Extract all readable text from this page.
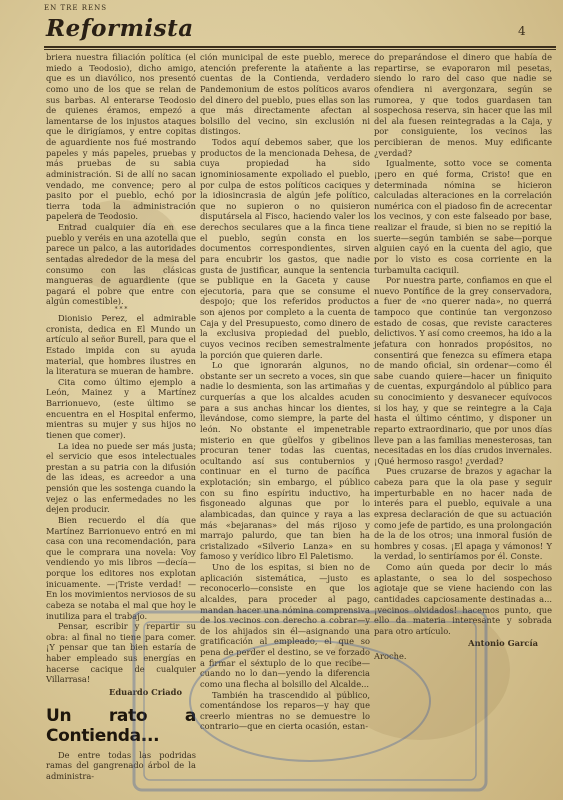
EN TRE RENS
Reformista	4

briera nuestra filiación política (el miedo a Teodosio), dicho amigo, que es un diavólico, nos presentó como uno de los que se relan de sus barbas. Al enterarse Teodosio de quienes éramos, empezó a lamentarse de los injustos ataques que le dirigíamos, y entre copitas de aguardiente nos fué mostrando papeles y más papeles, pruebas y más pruebas de su sabia administración. Si de allí no sacan vendado, me convence; pero al pasito por el pueblo, echó por tierra toda la administración papelera de Teodosio.

Entrad cualquier día en ese pueblo y veréis en una azotella que parece un palco, a las autoridades sentadas alrededor de la mesa del consumo con las clásicas mangueras de aguardiente (que pagará el pobre que entre con algún comestible).

* * *

Dionisio Perez, el admirable cronista, dedica en El Mundo un artículo al señor Burell, para que el Estado impida con su ayuda material, que hombres ilustres en la literatura se mueran de hambre.

Cita como último ejemplo a León, Mainez y a Martínez Barrionuevo, (este último se encuentra en el Hospital enfermo, mientras su mujer y sus hijos no tienen que comer).

La idea no puede ser más justa; el servicio que esos intelectuales prestan a su patria con la difusión de las ideas, es acreedor a una pensión que les sostenga cuando la vejez o las enfermedades no les dejen producir.

Bien recuerdo el día que Martínez Barrionuevo entró en mi casa con una recomendación, para que le comprara una novela: Voy vendiendo yo mis libros —decía—porque los editores nos explotan inicuamente. —¡Triste verdad! —En los movimientos nerviosos de su cabeza se notaba el mal que hoy le inutiliza para el trabajo.

Pensar, escribir y repartir su obra: al final no tiene para comer. ¡Y pensar que tan bien estaría de haber empleado sus energías en hacerse cacique de cualquier Villarrasa!

Eduardo Criado
Un rato a Contienda...

De entre todas las podridas ramas del gangrenado árbol de la administra-

ción municipal de este pueblo, merece atención preferente la atañente a las cuentas de la Contienda, verdadero Pandemonium de estos políticos avaros del dinero del pueblo, pues ellas son las que más directamente afectan al bolsillo del vecino, sin exclusión ni distingos.

Todos aquí debemos saber, que los productos de la mencionada Dehesa, de cuya propiedad ha sido ignominiosamente expoliado el pueblo, por culpa de estos políticos caciques y la idiosincrasia de algún jefe político, que no supieron o no quisieron disputársela al Fisco, haciendo valer los derechos seculares que a la finca tiene el pueblo, según consta en los documentos correspondientes, sirven para encubrir los gastos, que nadie gusta de justificar, aunque la sentencia se publique en la Gaceta y cause ejecutoria, para que se consume el despojo; que los referidos productos son ajenos por completo a la cuenta de Caja y del Presupuesto, como dinero de la exclusiva propiedad del pueblo, cuyos vecinos reciben semestralmente la porción que quieren darle.

Lo que ignorarán algunos, no obstante ser un secreto a voces, sin que nadie lo desmienta, son las artimañas y curquerías a que los alcaldes acuden para a sus anchas hincar los dientes, llevándose, como siempre, la parte del león. No obstante el impenetrable misterio en que güelfos y gibelinos procuran tener todas las cuentas, ocultando así sus contubernios y continuar en el turno de pacífica explotación; sin embargo, el público con su fino espíritu inductivo, ha fisgoneado algunas que por lo alambicadas, dan quince y raya a las más «bejaranas» del más rijoso y marrajo palurdo, que tan bien ha cristalizado «Silverio Lanza» en su famoso y verídico libro El Paletismo.

Uno de los espitas, si bien no de aplicación sistemática, —justo es reconocerlo—consiste en que los alcaldes, para proceder al pago, mandan hacer una nómina comprensiva de los vecinos con derecho a cobrar—y de los ahijados sin él—asignando una gratificación al empleado, el que so pena de perder el destino, se ve forzado a firmar el séxtuplo de lo que recibe—cuando no lo dan—yendo la diferencia como una flecha al bolsillo del Alcalde...

También ha trascendido al público, comentándose los reparos—y hay que creerlo mientras no se demuestre lo contrario—que en cierta ocasión, estan-

do preparándose el dinero que había de repartirse, se evaporaron mil pesetas, siendo lo raro del caso que nadie se ofendiera ni avergonzara, según se rumorea, y que todos guardasen tan sospechosa reserva, sin hacer que las mil del ala fuesen reintegradas a la Caja, y por consiguiente, los vecinos las percibieran de menos. Muy edificante ¿verdad?

Igualmente, sotto voce se comenta ¡pero en qué forma, Cristo! que en determinada nómina se hicieron calculadas alteraciones en la correlación numérica con el piadoso fin de acrecentar los vecinos, y con este falseado por base, realizar el fraude, si bien no se repitió la suerte—según también se sabe—porque alguien cayó en la cuenta del agio, que por lo visto es cosa corriente en la turbamulta caciquil.

Por nuestra parte, confiamos en que el nuevo Pontífice de la grey conservadora, a fuer de «no querer nada», no querrá tampoco que continúe tan vergonzoso estado de cosas, que reviste caracteres delictivos. Y así como creemos, ha ido a la jefatura con honrados propósitos, no consentirá que fenezca su efímera etapa de mando oficial, sin ordenar—como él sabe cuando quiere—hacer un finiquito de cuentas, expurgándolo al público para su conocimiento y desvanecer equívocos si los hay, y que se reintegre a la Caja hasta el último céntimo, y disponer un reparto extraordinario, que por unos días lleve pan a las familias menesterosas, tan necesitadas en los días crudos invernales. ¡Qué hermoso rasgo! ¿verdad?

Pues cruzarse de brazos y agachar la cabeza para que la ola pase y seguir imperturbable en no hacer nada de interés para el pueblo, equivale a una expresa declaración de que su actuación como jefe de partido, es una prolongación de la de los otros; una inmoral fusión de hombres y cosas. ¡El apaga y vámonos! Y la verdad, lo sentiríamos por él. Conste.

Como aún queda por decir lo más aplastante, o sea lo del sospechoso agiotaje que se viene haciendo con las cantidades capciosamente destinadas a... ¡vecinos olvidados! hacemos punto, que ello da materia interesante y sobrada para otro artículo.

Antonio García
Aroche.
